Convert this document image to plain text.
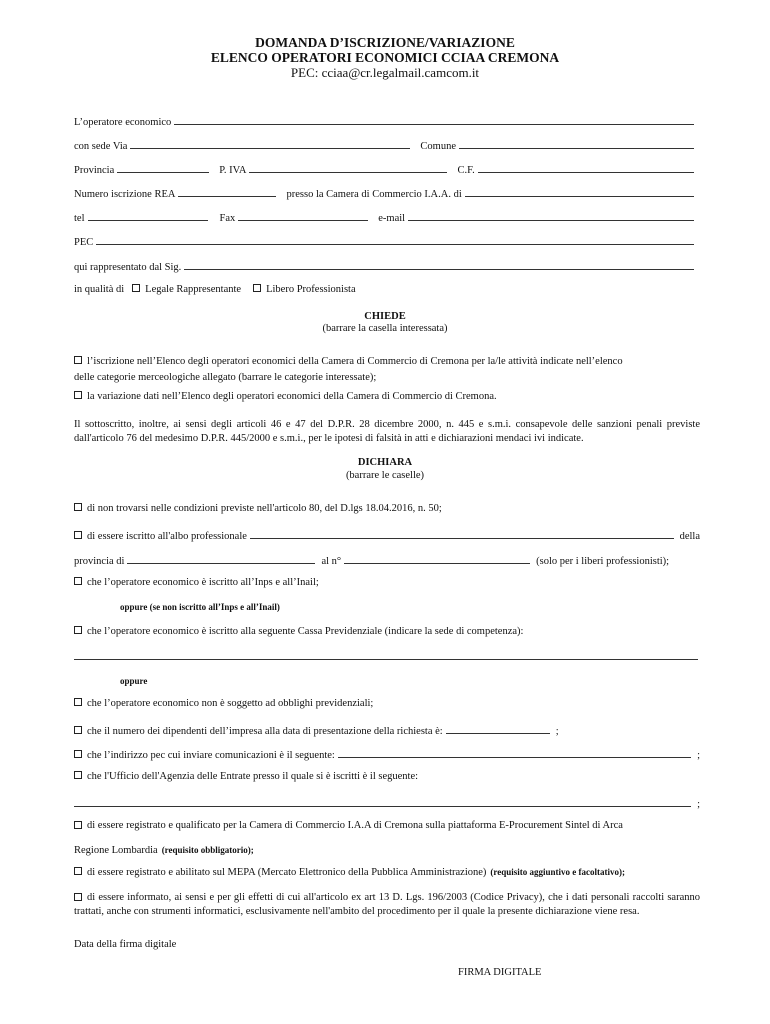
DOMANDA D’ISCRIZIONE/VARIAZIONE
ELENCO OPERATORI ECONOMICI CCIAA CREMONA
PEC: cciaa@cr.legalmail.camcom.it
L’operatore economico
con sede Via	Comune
Provincia	P. IVA	C.F.
Numero iscrizione REA	presso la Camera di Commercio I.A.A. di
tel	Fax	e-mail
PEC
qui rappresentato dal Sig.
in qualità di Legale Rappresentante Libero Professionista
CHIEDE
(barrare la casella interessata)
l’iscrizione nell’Elenco degli operatori economici della Camera di Commercio di Cremona per la/le attività indicate nell’elenco
delle categorie merceologiche allegato (barrare le categorie interessate);
la variazione dati nell’Elenco degli operatori economici della Camera di Commercio di Cremona.
Il sottoscritto, inoltre, ai sensi degli articoli 46 e 47 del D.P.R. 28 dicembre 2000, n. 445 e s.m.i. consapevole delle sanzioni penali previste dall'articolo 76 del medesimo D.P.R. 445/2000 e s.m.i., per le ipotesi di falsità in atti e dichiarazioni mendaci ivi indicate.
DICHIARA
(barrare le caselle)
di non trovarsi nelle condizioni previste nell'articolo 80, del D.lgs 18.04.2016, n. 50;
di essere iscritto all'albo professionale	della
provincia di	al n°	(solo per i liberi professionisti);
che l’operatore economico è iscritto all’Inps e all’Inail;
oppure (se non iscritto all’Inps e all’Inail)
che l’operatore economico è iscritto alla seguente Cassa Previdenziale (indicare la sede di competenza):
oppure
che l’operatore economico non è soggetto ad obblighi previdenziali;
che il numero dei dipendenti dell’impresa alla data di presentazione della richiesta è:	;
che l’indirizzo pec cui inviare comunicazioni è il seguente:	;
che l'Ufficio dell'Agenzia delle Entrate presso il quale si è iscritti è il seguente:
;
di essere registrato e qualificato per la Camera di Commercio I.A.A di Cremona sulla piattaforma E-Procurement Sintel di Arca
Regione Lombardia (requisito obbligatorio);
di essere registrato e abilitato sul MEPA (Mercato Elettronico della Pubblica Amministrazione) (requisito aggiuntivo e facoltativo);
di essere informato, ai sensi e per gli effetti di cui all'articolo ex art 13 D. Lgs. 196/2003 (Codice Privacy), che i dati personali raccolti saranno trattati, anche con strumenti informatici, esclusivamente nell'ambito del procedimento per il quale la presente dichiarazione viene resa.
Data della firma digitale
FIRMA DIGITALE
